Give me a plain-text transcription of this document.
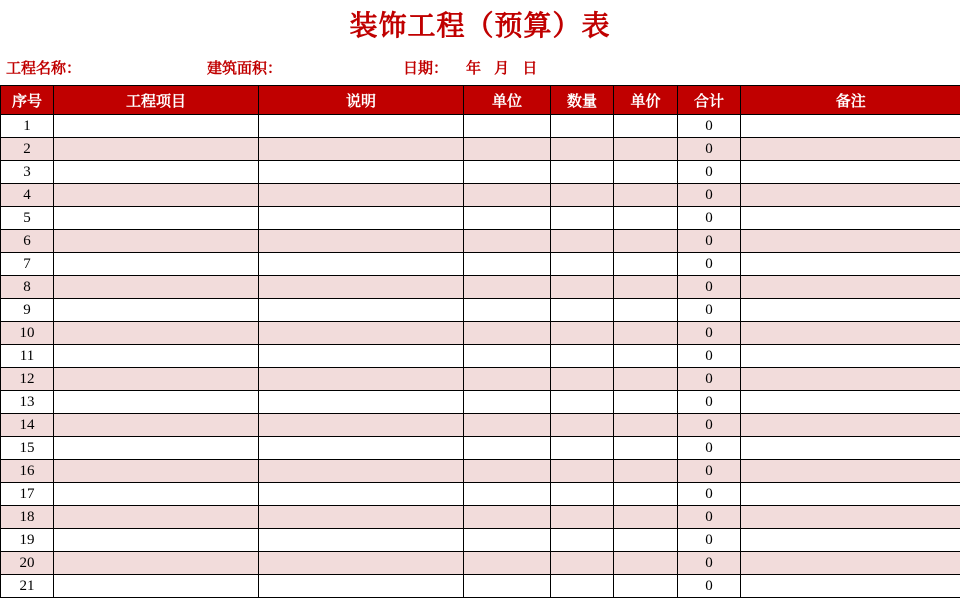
装饰工程（预算）表
工程名称：	建筑面积：	日期： 年 月 日
序号	工程项目	说明	单位	数量	单价	合计	备注
1						0	
2						0	
3						0	
4						0	
5						0	
6						0	
7						0	
8						0	
9						0	
10						0	
11						0	
12						0	
13						0	
14						0	
15						0	
16						0	
17						0	
18						0	
19						0	
20						0	
21						0	
